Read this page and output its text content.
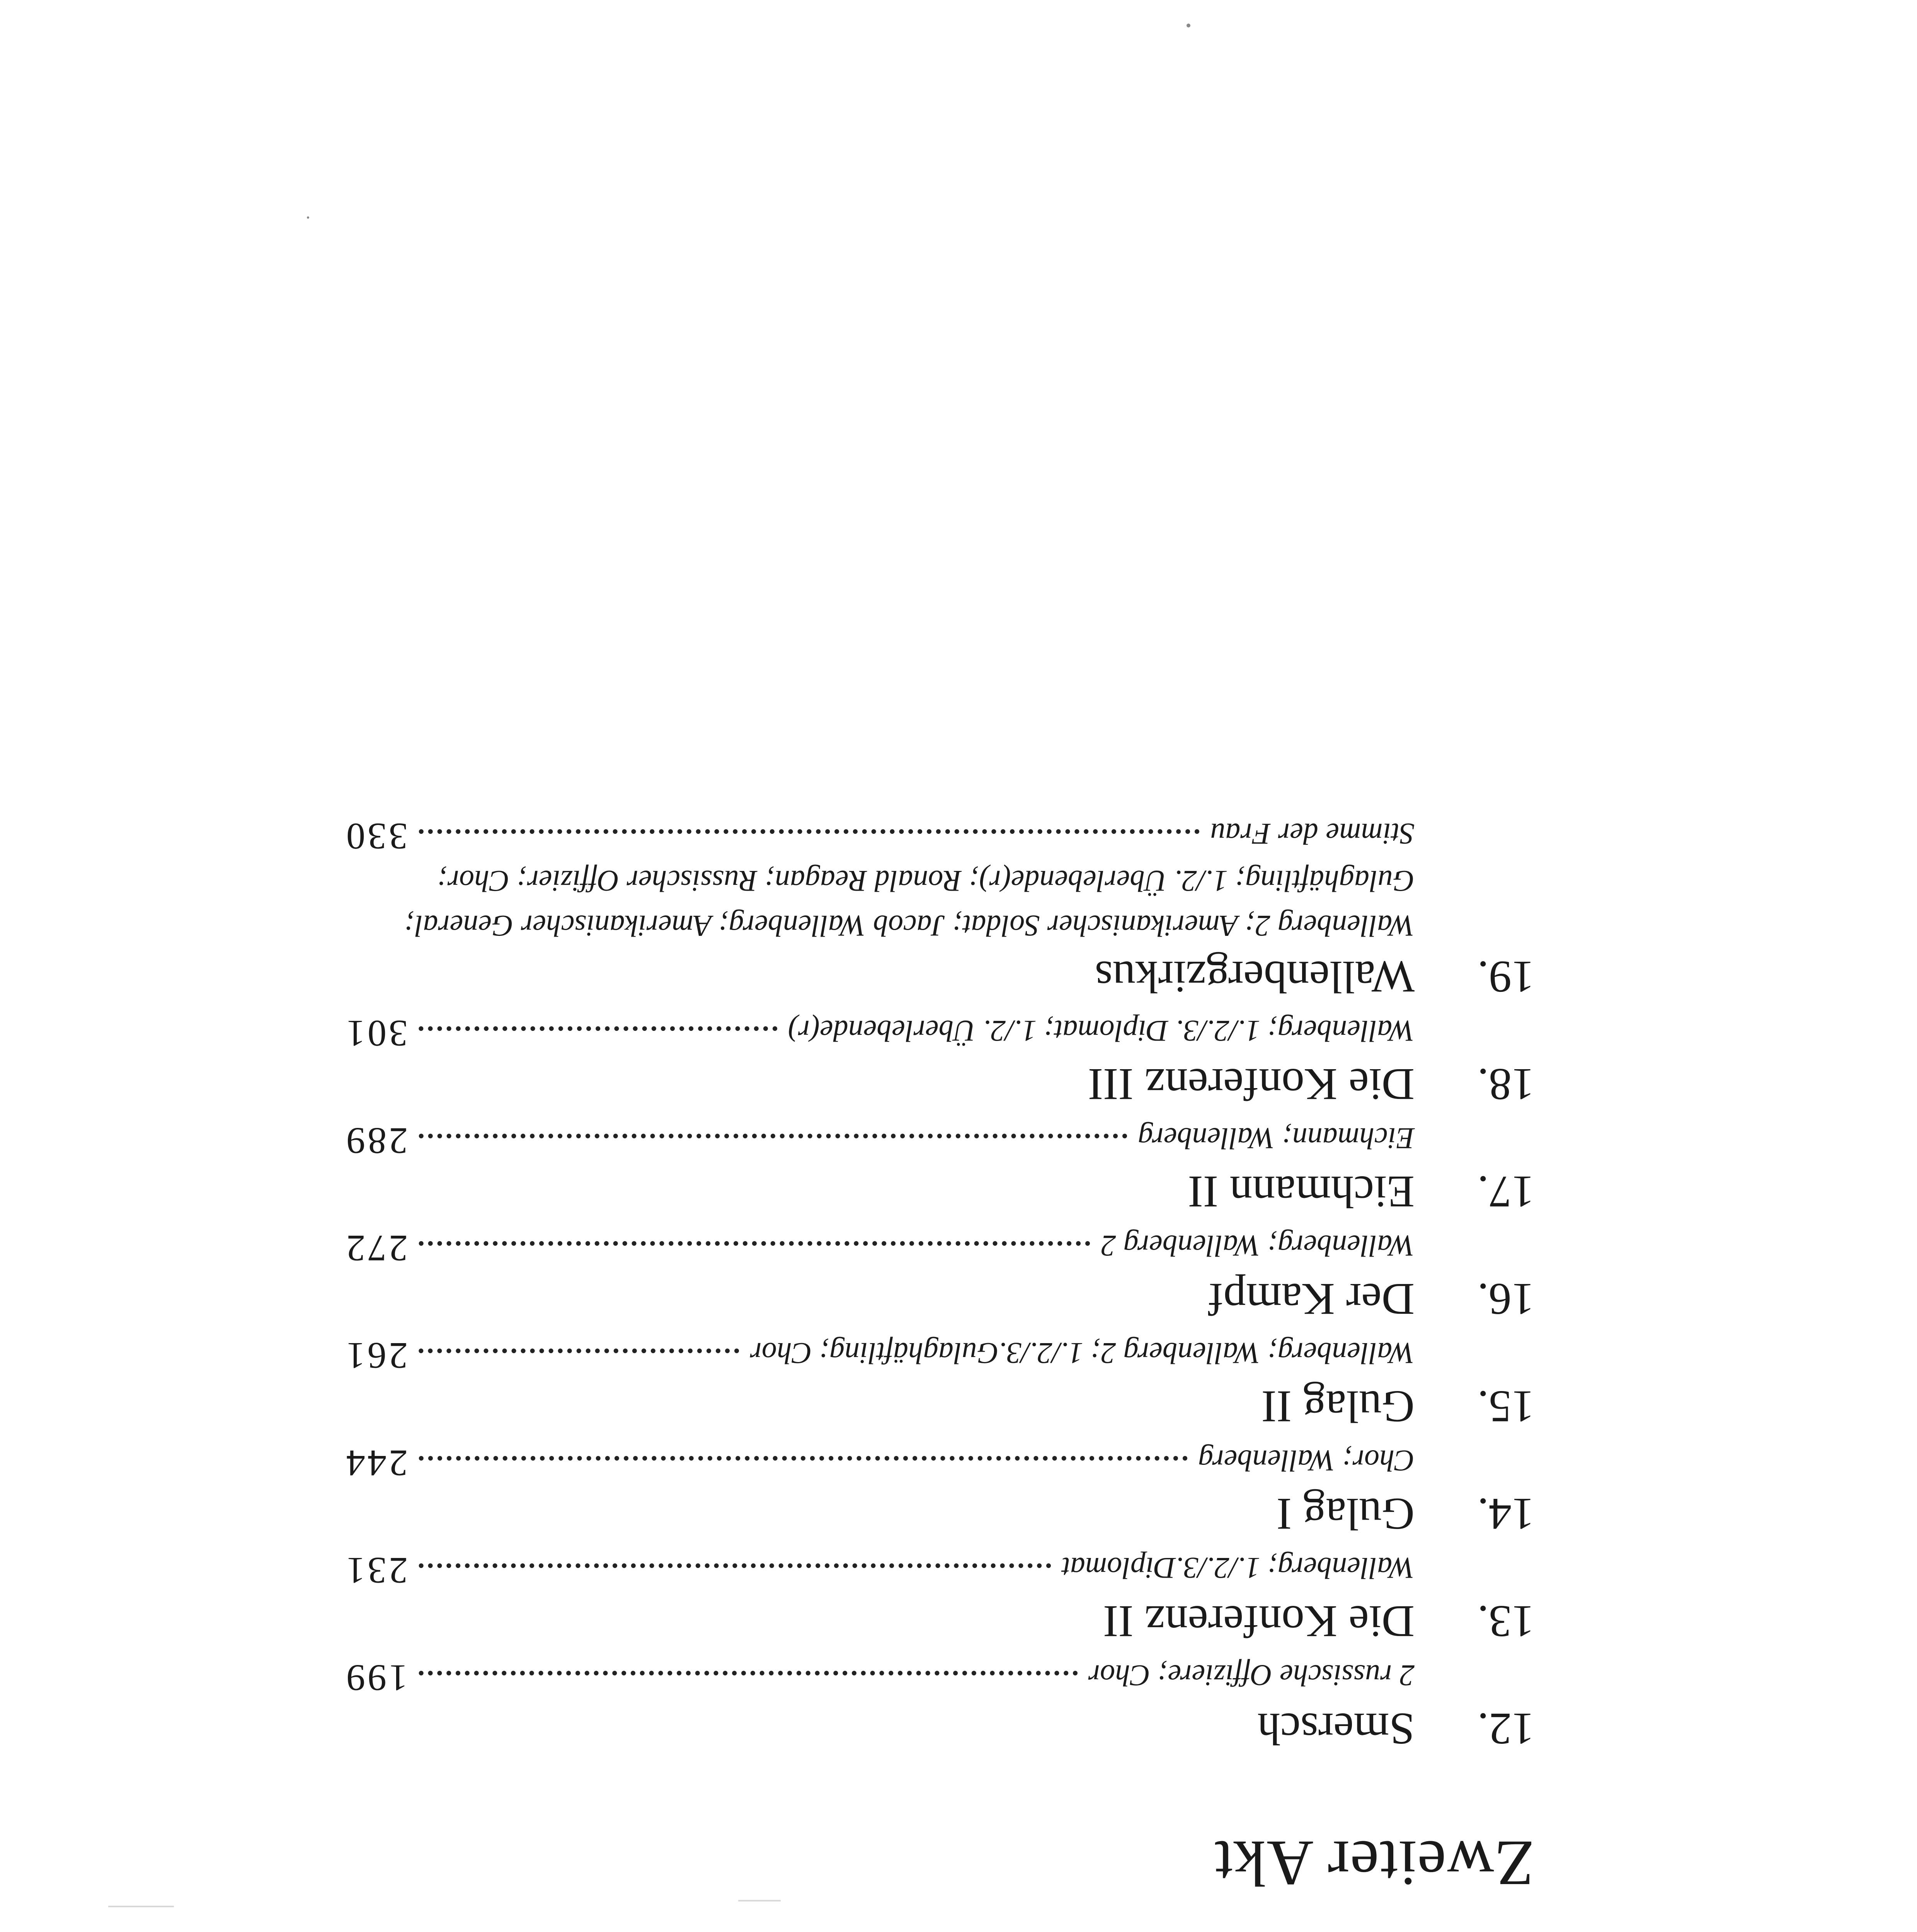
Zweiter Akt
12.
Smersch
2 russische Offiziere; Chor
199
13.
Die Konferenz II
Wallenberg; 1./2./3.Diplomat
231
14.
Gulag I
Chor; Wallenberg
244
15.
Gulag II
Wallenberg; Wallenberg 2; 1./2./3.Gulaghäftling; Chor
261
16.
Der Kampf
Wallenberg; Wallenberg 2
272
17.
Eichmann II
Eichmann; Wallenberg
289
18.
Die Konferenz III
Wallenberg; 1./2./3. Diplomat; 1./2. Überlebende(r)
301
19.
Wallenbergzirkus
Wallenberg 2; Amerikanischer Soldat; Jacob Wallenberg; Amerikanischer General;
Gulaghäftling; 1./2. Überlebende(r); Ronald Reagan; Russischer Offizier; Chor;
Stimme der Frau
330
